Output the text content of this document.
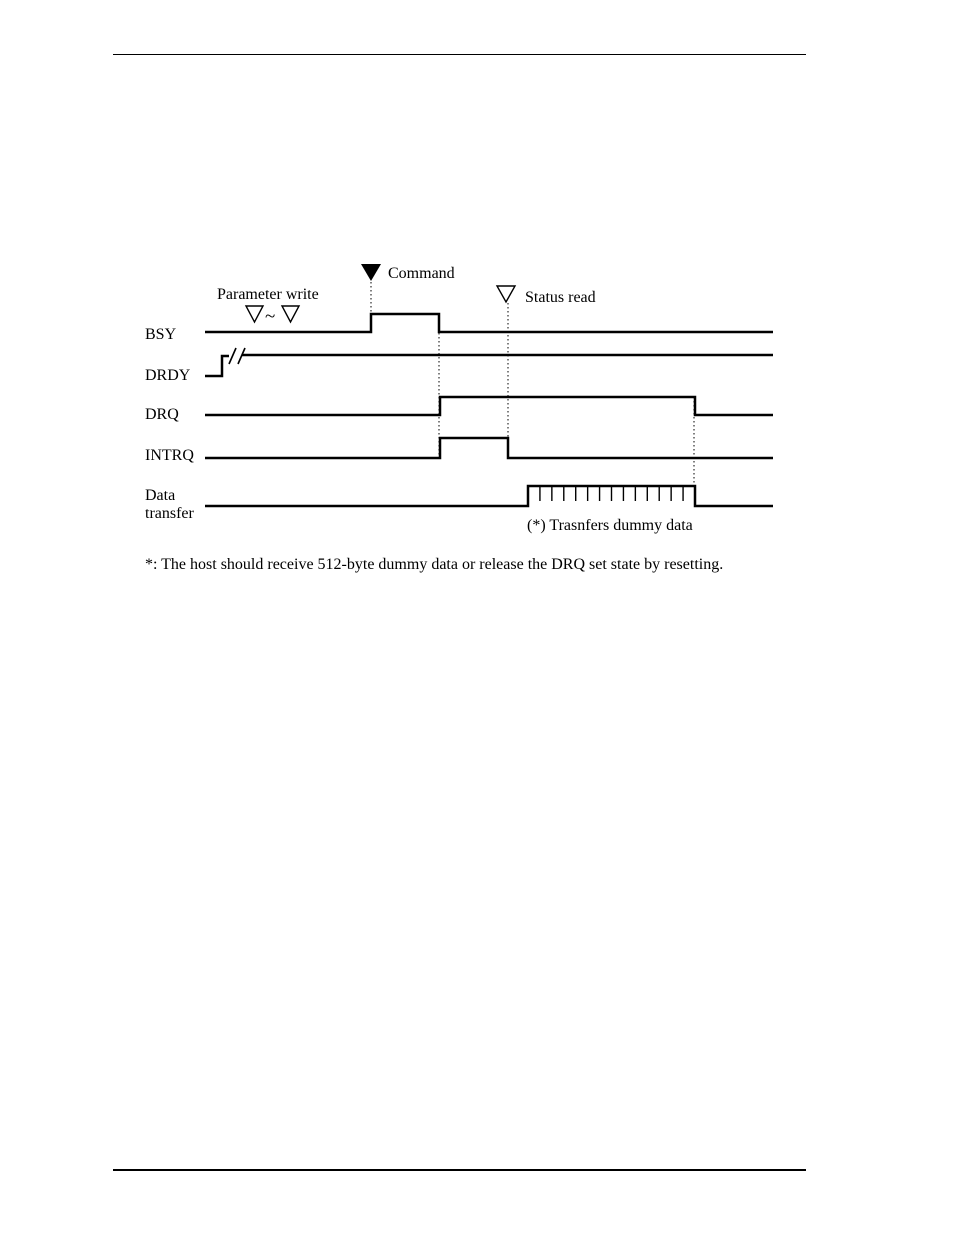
Parameter write
~
Command
Status read
BSY
DRDY
DRQ
INTRQ
Data
transfer
(*) Trasnfers dummy data
*: The host should receive 512-byte dummy data or release the DRQ set state by resetting.
